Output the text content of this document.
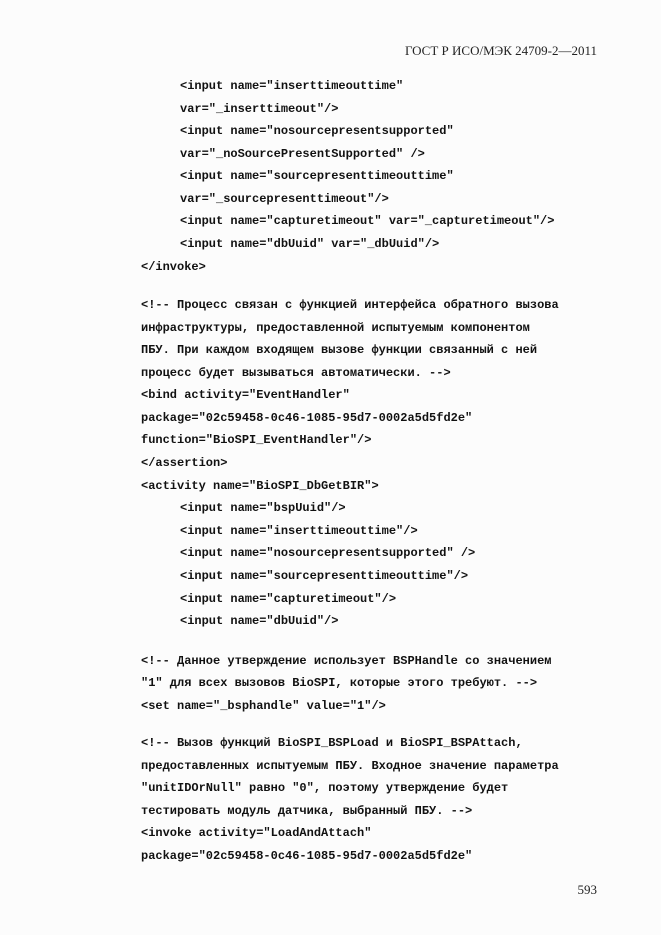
ГОСТ Р ИСО/МЭК 24709-2—2011

<input name="inserttimeouttime"

var="_inserttimeout"/>

<input name="nosourcepresentsupported"

var="_noSourcePresentSupported" />

<input name="sourcepresenttimeouttime"

var="_sourcepresenttimeout"/>

<input name="capturetimeout" var="_capturetimeout"/>

<input name="dbUuid" var="_dbUuid"/>

</invoke>

<!-- Процесс связан с функцией интерфейса обратного вызова

инфраструктуры, предоставленной испытуемым компонентом

ПБУ. При каждом входящем вызове функции связанный с ней

процесс будет вызываться автоматически. -->

<bind activity="EventHandler"

package="02c59458-0c46-1085-95d7-0002a5d5fd2e"

function="BioSPI_EventHandler"/>

</assertion>

<activity name="BioSPI_DbGetBIR">

<input name="bspUuid"/>

<input name="inserttimeouttime"/>

<input name="nosourcepresentsupported" />

<input name="sourcepresenttimeouttime"/>

<input name="capturetimeout"/>

<input name="dbUuid"/>

<!-- Данное утверждение использует BSPHandle со значением

"1" для всех вызовов BioSPI, которые этого требуют. -->

<set name="_bsphandle" value="1"/>

<!-- Вызов функций BioSPI_BSPLoad и BioSPI_BSPAttach,

предоставленных испытуемым ПБУ. Входное значение параметра

"unitIDOrNull" равно "0", поэтому утверждение будет

тестировать модуль датчика, выбранный ПБУ. -->

<invoke activity="LoadAndAttach"

package="02c59458-0c46-1085-95d7-0002a5d5fd2e"

593
